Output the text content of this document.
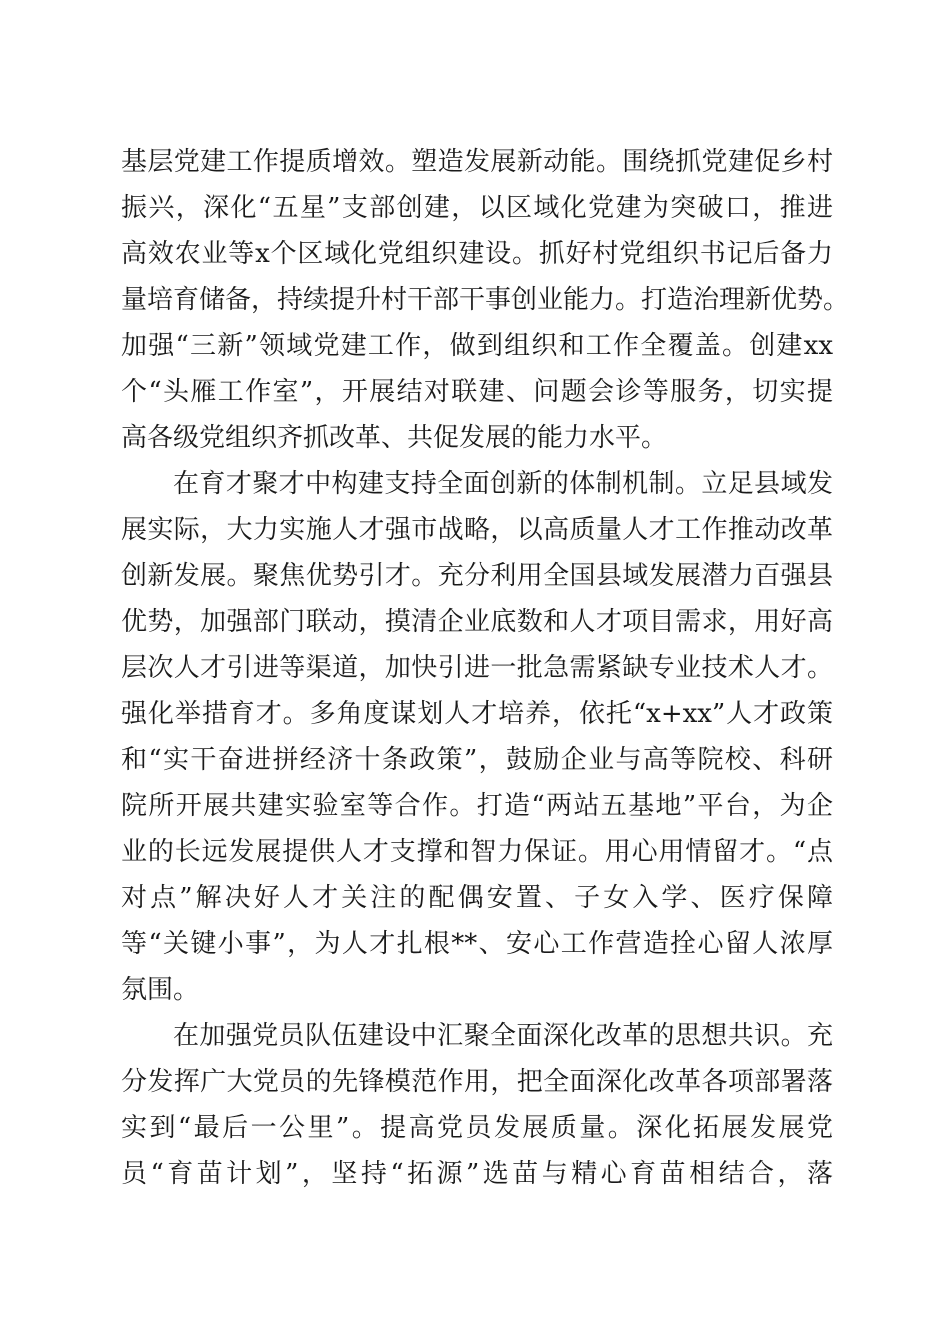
基层党建工作提质增效。塑造发展新动能。围绕抓党建促乡村
振兴，深化“五星”支部创建，以区域化党建为突破口，推进
高效农业等x个区域化党组织建设。抓好村党组织书记后备力
量培育储备，持续提升村干部干事创业能力。打造治理新优势。
加强“三新”领域党建工作，做到组织和工作全覆盖。创建xx
个“头雁工作室”，开展结对联建、问题会诊等服务，切实提
高各级党组织齐抓改革、共促发展的能力水平。
在育才聚才中构建支持全面创新的体制机制。立足县域发
展实际，大力实施人才强市战略，以高质量人才工作推动改革
创新发展。聚焦优势引才。充分利用全国县域发展潜力百强县
优势，加强部门联动，摸清企业底数和人才项目需求，用好高
层次人才引进等渠道，加快引进一批急需紧缺专业技术人才。
强化举措育才。多角度谋划人才培养，依托“x+xx”人才政策
和“实干奋进拼经济十条政策”，鼓励企业与高等院校、科研
院所开展共建实验室等合作。打造“两站五基地”平台，为企
业的长远发展提供人才支撑和智力保证。用心用情留才。“点
对点”解决好人才关注的配偶安置、子女入学、医疗保障
等“关键小事”，为人才扎根**、安心工作营造拴心留人浓厚
氛围。
在加强党员队伍建设中汇聚全面深化改革的思想共识。充
分发挥广大党员的先锋模范作用，把全面深化改革各项部署落
实到“最后一公里”。提高党员发展质量。深化拓展发展党
员“育苗计划”，坚持“拓源”选苗与精心育苗相结合，落
